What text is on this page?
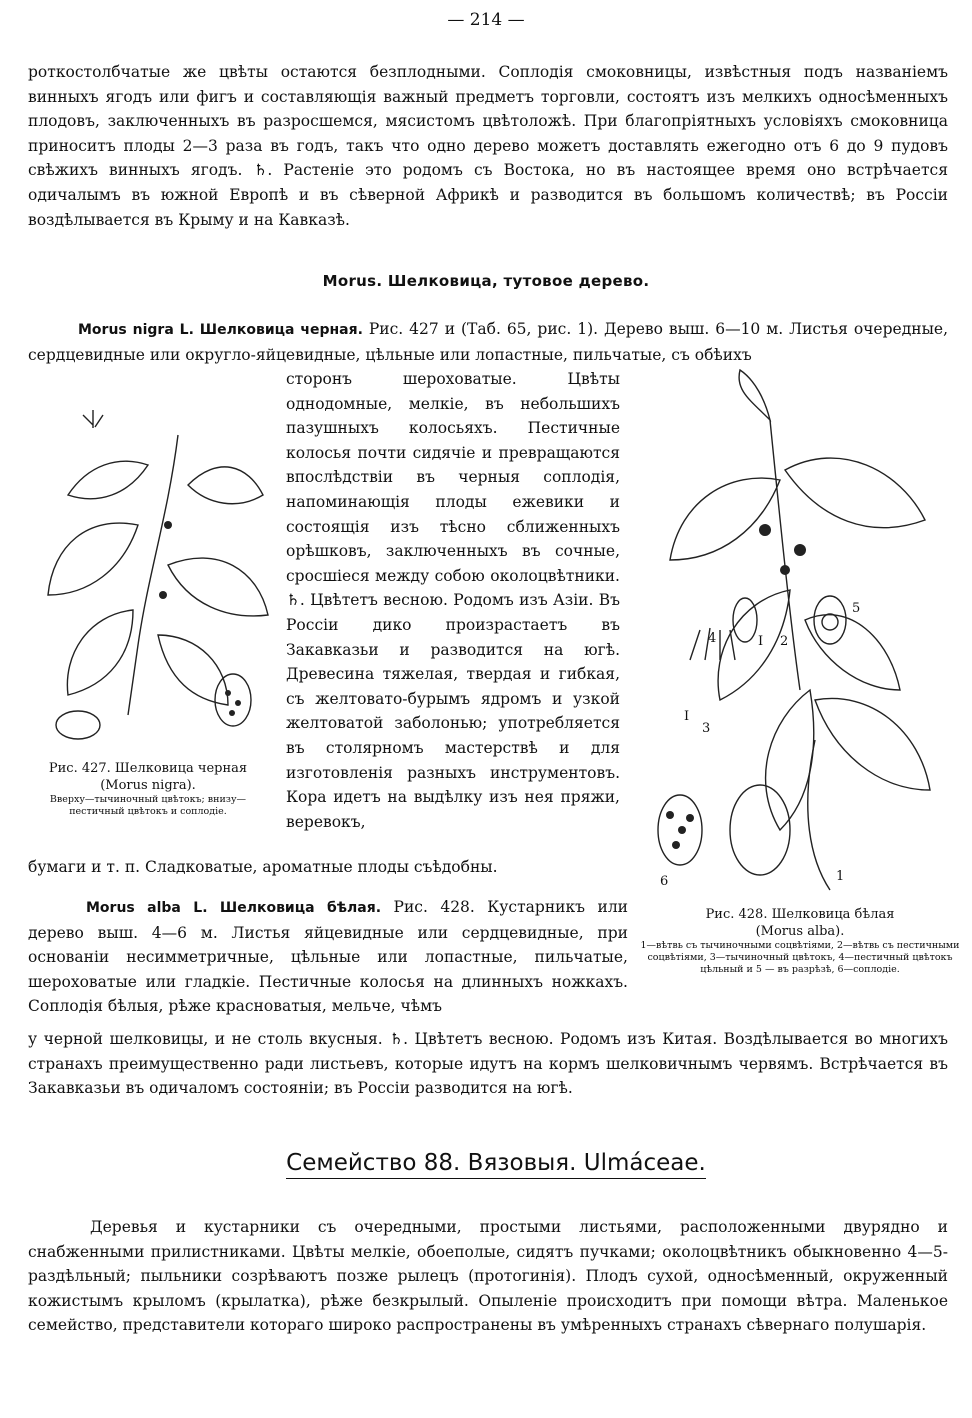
— 214 —
роткостолбчатые же цвѣты остаются безплодными. Соплодія смоковницы, извѣстныя подъ названіемъ винныхъ ягодъ или фигъ и составляющія важный предметъ торговли, состоятъ изъ мелкихъ односѣменныхъ плодовъ, заключенныхъ въ разросшемся, мясистомъ цвѣтоложѣ. При благопріятныхъ условіяхъ смоковница приноситъ плоды 2—3 раза въ годъ, такъ что одно дерево можетъ доставлять ежегодно отъ 6 до 9 пудовъ свѣжихъ винныхъ ягодъ. ♄. Растеніе это родомъ съ Востока, но въ настоящее время оно встрѣчается одичалымъ въ южной Европѣ и въ сѣверной Африкѣ и разводится въ большомъ количествѣ; въ Россіи воздѣлывается въ Крыму и на Кавказѣ.
Morus. Шелковица, тутовое дерево.
Morus nigra L. Шелковица черная. Рис. 427 и (Таб. 65, рис. 1). Дерево выш. 6—10 м. Листья очередные, сердцевидные или округло-яйцевидные, цѣльные или лопастные, пильчатые, съ обѣихъ
сторонъ шероховатые. Цвѣты однодомные, мелкіе, въ небольшихъ пазушныхъ колосьяхъ. Пестичные колосья почти сидячіе и превращаются впослѣдствіи въ черныя соплодія, напоминающія плоды ежевики и состоящія изъ тѣсно сближенныхъ орѣшковъ, заключенныхъ въ сочные, сросшіеся между собою околоцвѣтники. ♄. Цвѣтетъ весною. Родомъ изъ Азіи. Въ Россіи дико произрастаетъ въ Закавказьи и разводится на югѣ. Древесина тяжелая, твердая и гибкая, съ желтовато-бурымъ ядромъ и узкой желтоватой заболонью; употребляется въ столярномъ мастерствѣ и для изготовленія разныхъ инструментовъ. Кора идетъ на выдѣлку изъ нея пряжи, веревокъ,
бумаги и т. п. Сладковатые, ароматные плоды съѣдобны.
Рис. 427. Шелковица черная
(Morus nigra).
Вверху—тычиночный цвѣтокъ; внизу—пестичный цвѣтокъ и соплодіе.
4	I 2
5
I
3
6	1
Рис. 428. Шелковица бѣлая
(Morus alba).
1—вѣтвь съ тычиночными соцвѣтіями, 2—вѣтвь съ пестичными соцвѣтіями, 3—тычиночный цвѣтокъ, 4—пестичный цвѣтокъ цѣльный и 5 — въ разрѣзѣ, 6—соплодіе.
Morus alba L. Шелковица бѣлая. Рис. 428. Кустарникъ или дерево выш. 4—6 м. Листья яйцевидные или сердцевидные, при основаніи несимметричные, цѣльные или лопастные, пильчатые, шероховатые или гладкіе. Пестичные колосья на длинныхъ ножкахъ. Соплодія бѣлыя, рѣже красноватыя, мельче, чѣмъ
у черной шелковицы, и не столь вкусныя. ♄. Цвѣтетъ весною. Родомъ изъ Китая. Воздѣлывается во многихъ странахъ преимущественно ради листьевъ, которые идутъ на кормъ шелковичнымъ червямъ. Встрѣчается въ Закавказьи въ одичаломъ состояніи; въ Россіи разводится на югѣ.
Семейство 88. Вязовыя. Ulmáceae.
Деревья и кустарники съ очередными, простыми листьями, расположенными двурядно и снабженными прилистниками. Цвѣты мелкіе, обоеполые, сидятъ пучками; околоцвѣтникъ обыкновенно 4—5-раздѣльный; пыльники созрѣваютъ позже рылецъ (протогинія). Плодъ сухой, односѣменный, окруженный кожистымъ крыломъ (крылатка), рѣже безкрылый. Опыленіе происходитъ при помощи вѣтра. Маленькое семейство, представители котораго широко распространены въ умѣренныхъ странахъ сѣвернаго полушарія.
